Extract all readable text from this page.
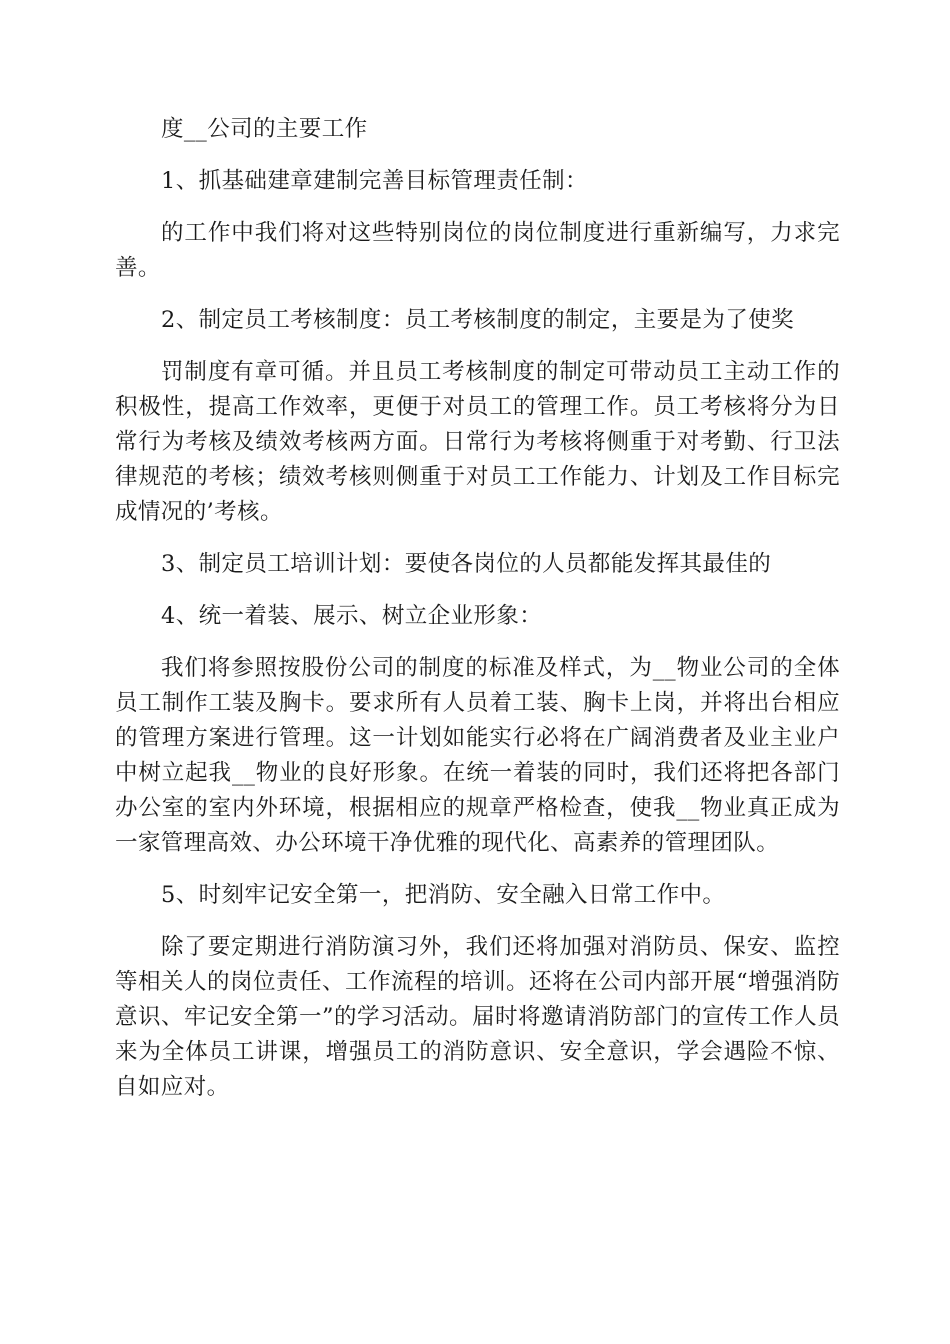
度__公司的主要工作

1、抓基础建章建制完善目标管理责任制：

的工作中我们将对这些特别岗位的岗位制度进行重新编写，力求完善。

2、制定员工考核制度：员工考核制度的制定，主要是为了使奖

罚制度有章可循。并且员工考核制度的制定可带动员工主动工作的积极性，提高工作效率，更便于对员工的管理工作。员工考核将分为日常行为考核及绩效考核两方面。日常行为考核将侧重于对考勤、行卫法律规范的考核；绩效考核则侧重于对员工工作能力、计划及工作目标完成情况的’考核。

3、制定员工培训计划：要使各岗位的人员都能发挥其最佳的

4、统一着装、展示、树立企业形象：

我们将参照按股份公司的制度的标准及样式，为__物业公司的全体员工制作工装及胸卡。要求所有人员着工装、胸卡上岗，并将出台相应的管理方案进行管理。这一计划如能实行必将在广阔消费者及业主业户中树立起我__物业的良好形象。在统一着装的同时，我们还将把各部门办公室的室内外环境，根据相应的规章严格检查，使我__物业真正成为一家管理高效、办公环境干净优雅的现代化、高素养的管理团队。

5、时刻牢记安全第一，把消防、安全融入日常工作中。

除了要定期进行消防演习外，我们还将加强对消防员、保安、监控等相关人的岗位责任、工作流程的培训。还将在公司内部开展“增强消防意识、牢记安全第一”的学习活动。届时将邀请消防部门的宣传工作人员来为全体员工讲课，增强员工的消防意识、安全意识，学会遇险不惊、自如应对。
